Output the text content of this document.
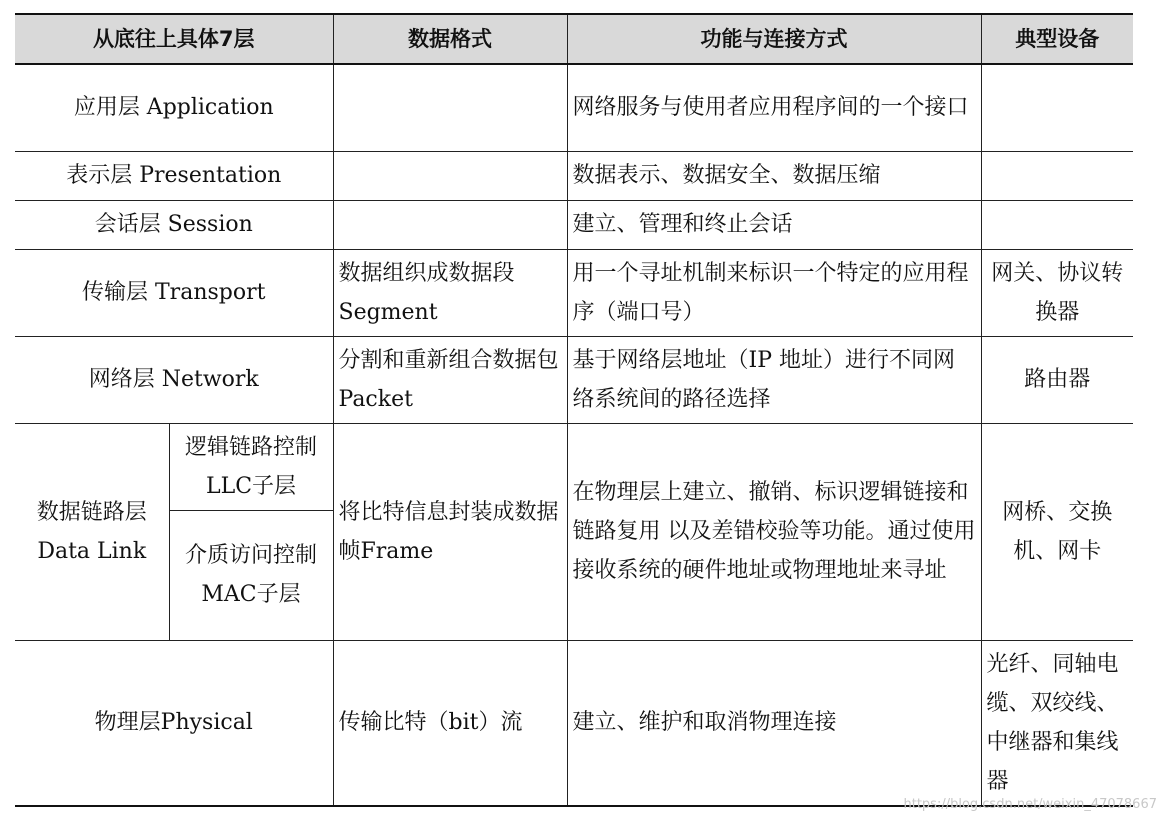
从底往上具体7层		数据格式	功能与连接方式	典型设备
应用层 Application			网络服务与使用者应用程序间的一个接口	
表示层 Presentation			数据表示、数据安全、数据压缩	
会话层 Session			建立、管理和终止会话	
传输层 Transport		数据组织成数据段 Segment	用一个寻址机制来标识一个特定的应用程序（端口号）	网关、协议转换器
网络层 Network		分割和重新组合数据包 Packet	基于网络层地址（IP 地址）进行不同网络系统间的路径选择	路由器
数据链路层 Data Link	逻辑链路控制 LLC子层	将比特信息封装成数据帧Frame	在物理层上建立、撤销、标识逻辑链接和链路复用 以及差错校验等功能。通过使用接收系统的硬件地址或物理地址来寻址	网桥、交换机、网卡
	介质访问控制 MAC子层			
物理层Physical		传输比特（bit）流	建立、维护和取消物理连接	光纤、同轴电缆、双绞线、中继器和集线器
https://blog.csdn.net/weixin_47078667
